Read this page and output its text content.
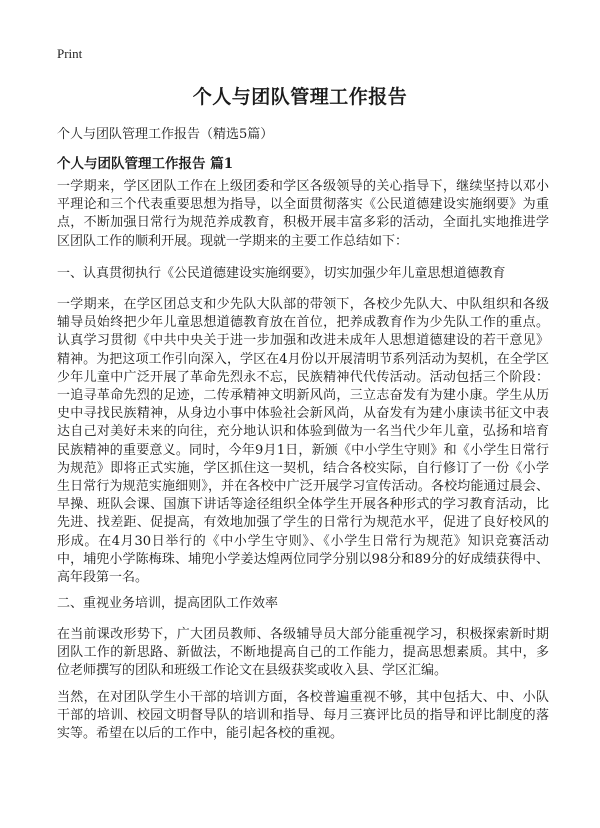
Print
个人与团队管理工作报告

个人与团队管理工作报告（精选5篇）

个人与团队管理工作报告 篇1

一学期来，学区团队工作在上级团委和学区各级领导的关心指导下，继续坚持以邓小平理论和三个代表重要思想为指导，以全面贯彻落实《公民道德建设实施纲要》为重点，不断加强日常行为规范养成教育，积极开展丰富多彩的活动，全面扎实地推进学区团队工作的顺利开展。现就一学期来的主要工作总结如下：

一、认真贯彻执行《公民道德建设实施纲要》，切实加强少年儿童思想道德教育

一学期来，在学区团总支和少先队大队部的带领下，各校少先队大、中队组织和各级辅导员始终把少年儿童思想道德教育放在首位，把养成教育作为少先队工作的重点。认真学习贯彻《中共中央关于进一步加强和改进未成年人思想道德建设的若干意见》精神。为把这项工作引向深入，学区在4月份以开展清明节系列活动为契机，在全学区少年儿童中广泛开展了革命先烈永不忘，民族精神代代传活动。活动包括三个阶段：一追寻革命先烈的足迹，二传承精神文明新风尚，三立志奋发有为建小康。学生从历史中寻找民族精神，从身边小事中体验社会新风尚，从奋发有为建小康读书征文中表达自己对美好未来的向往，充分地认识和体验到做为一名当代少年儿童，弘扬和培育民族精神的重要意义。同时，今年9月1日，新颁《中小学生守则》和《小学生日常行为规范》即将正式实施，学区抓住这一契机，结合各校实际，自行修订了一份《小学生日常行为规范实施细则》，并在各校中广泛开展学习宣传活动。各校均能通过晨会、早操、班队会课、国旗下讲话等途径组织全体学生开展各种形式的学习教育活动，比先进、找差距、促提高，有效地加强了学生的日常行为规范水平，促进了良好校风的形成。在4月30日举行的《中小学生守则》、《小学生日常行为规范》知识竞赛活动中，埔兜小学陈梅珠、埔兜小学姜达煌两位同学分别以98分和89分的好成绩获得中、高年段第一名。

二、重视业务培训，提高团队工作效率

在当前课改形势下，广大团员教师、各级辅导员大部分能重视学习，积极探索新时期团队工作的新思路、新做法，不断地提高自己的工作能力，提高思想素质。其中，多位老师撰写的团队和班级工作论文在县级获奖或收入县、学区汇编。

当然，在对团队学生小干部的培训方面，各校普遍重视不够，其中包括大、中、小队干部的培训、校园文明督导队的培训和指导、每月三赛评比员的指导和评比制度的落实等。希望在以后的工作中，能引起各校的重视。
